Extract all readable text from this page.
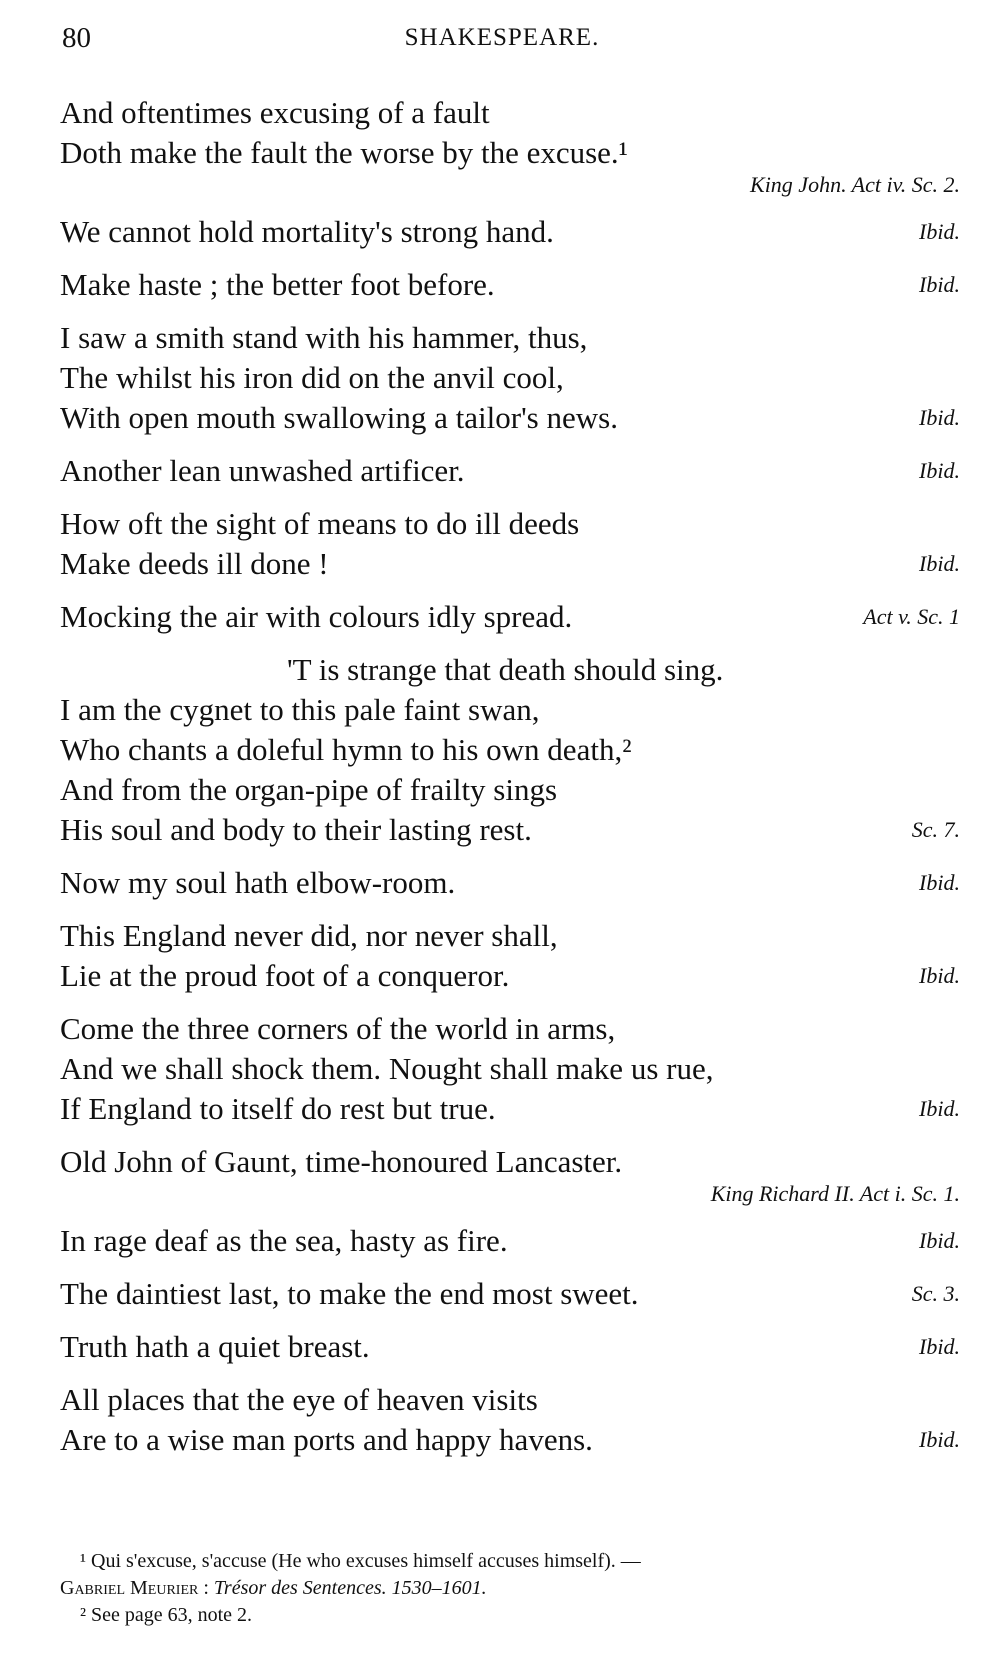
80	SHAKESPEARE.
And oftentimes excusing of a fault
Doth make the fault the worse by the excuse.¹
King John. Act iv. Sc. 2.
We cannot hold mortality's strong hand.	Ibid.
Make haste ; the better foot before.	Ibid.
I saw a smith stand with his hammer, thus,
The whilst his iron did on the anvil cool,
With open mouth swallowing a tailor's news.	Ibid.
Another lean unwashed artificer.	Ibid.
How oft the sight of means to do ill deeds
Make deeds ill done !	Ibid.
Mocking the air with colours idly spread.	Act v. Sc. 1
'T is strange that death should sing.
I am the cygnet to this pale faint swan,
Who chants a doleful hymn to his own death,²
And from the organ-pipe of frailty sings
His soul and body to their lasting rest.	Sc. 7.
Now my soul hath elbow-room.	Ibid.
This England never did, nor never shall,
Lie at the proud foot of a conqueror.	Ibid.
Come the three corners of the world in arms,
And we shall shock them. Nought shall make us rue,
If England to itself do rest but true.	Ibid.
Old John of Gaunt, time-honoured Lancaster.
King Richard II. Act i. Sc. 1.
In rage deaf as the sea, hasty as fire.	Ibid.
The daintiest last, to make the end most sweet.	Sc. 3.
Truth hath a quiet breast.	Ibid.
All places that the eye of heaven visits
Are to a wise man ports and happy havens.	Ibid.
¹ Qui s'excuse, s'accuse (He who excuses himself accuses himself). —
Gabriel Meurier : Trésor des Sentences. 1530–1601.
² See page 63, note 2.
